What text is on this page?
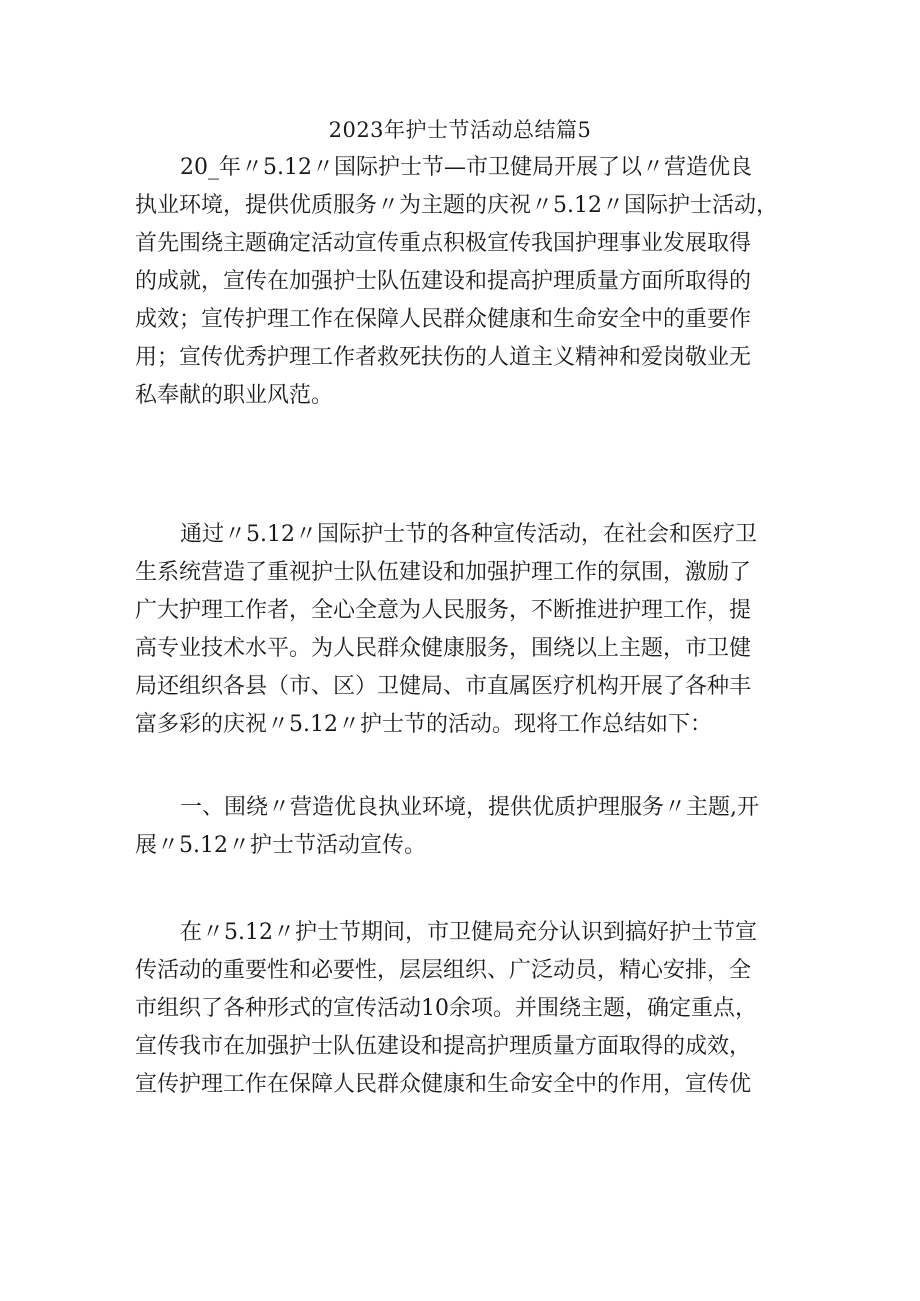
2023年护士节活动总结篇5
20_年〃5.12〃国际护士节—市卫健局开展了以〃营造优良
执业环境，提供优质服务〃为主题的庆祝〃5.12〃国际护士活动，
首先围绕主题确定活动宣传重点积极宣传我国护理事业发展取得
的成就，宣传在加强护士队伍建设和提高护理质量方面所取得的
成效；宣传护理工作在保障人民群众健康和生命安全中的重要作
用；宣传优秀护理工作者救死扶伤的人道主义精神和爱岗敬业无
私奉献的职业风范。
通过〃5.12〃国际护士节的各种宣传活动，在社会和医疗卫
生系统营造了重视护士队伍建设和加强护理工作的氛围，激励了
广大护理工作者，全心全意为人民服务，不断推进护理工作，提
高专业技术水平。为人民群众健康服务，围绕以上主题，市卫健
局还组织各县（市、区）卫健局、市直属医疗机构开展了各种丰
富多彩的庆祝〃5.12〃护士节的活动。现将工作总结如下：
一、围绕〃营造优良执业环境，提供优质护理服务〃主题,开
展〃5.12〃护士节活动宣传。
在〃5.12〃护士节期间，市卫健局充分认识到搞好护士节宣
传活动的重要性和必要性，层层组织、广泛动员，精心安排，全
市组织了各种形式的宣传活动10余项。并围绕主题，确定重点，
宣传我市在加强护士队伍建设和提高护理质量方面取得的成效，
宣传护理工作在保障人民群众健康和生命安全中的作用，宣传优
